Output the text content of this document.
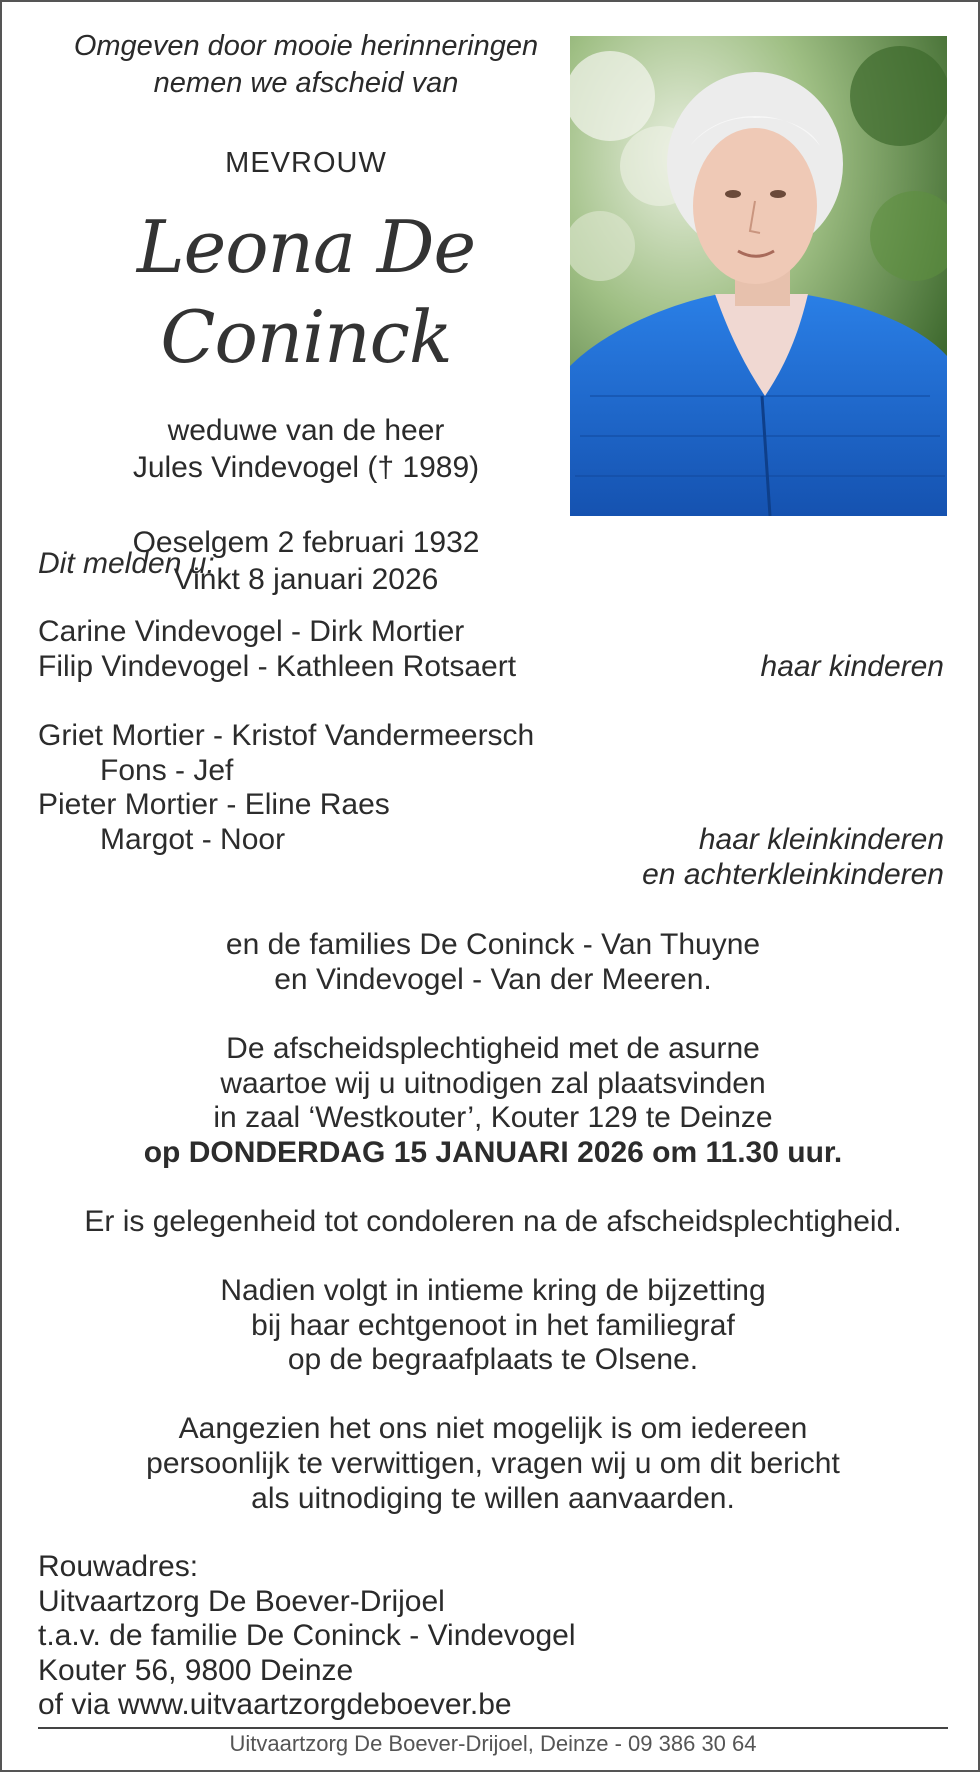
Omgeven door mooie herinneringen
nemen we afscheid van
MEVROUW
Leona De Coninck
weduwe van de heer
Jules Vindevogel († 1989)
Oeselgem 2 februari 1932
Vinkt 8 januari 2026
Dit melden u:
Carine Vindevogel - Dirk Mortier
Filip Vindevogel - Kathleen Rotsaert	haar kinderen
Griet Mortier - Kristof Vandermeersch
Fons - Jef
Pieter Mortier - Eline Raes
Margot - Noor	haar kleinkinderen
en achterkleinkinderen
en de families De Coninck - Van Thuyne
en Vindevogel - Van der Meeren.
De afscheidsplechtigheid met de asurne
waartoe wij u uitnodigen zal plaatsvinden
in zaal ‘Westkouter’, Kouter 129 te Deinze
op DONDERDAG 15 JANUARI 2026 om 11.30 uur.
Er is gelegenheid tot condoleren na de afscheidsplechtigheid.
Nadien volgt in intieme kring de bijzetting
bij haar echtgenoot in het familiegraf
op de begraafplaats te Olsene.
Aangezien het ons niet mogelijk is om iedereen
persoonlijk te verwittigen, vragen wij u om dit bericht
als uitnodiging te willen aanvaarden.
Rouwadres:
Uitvaartzorg De Boever-Drijoel
t.a.v. de familie De Coninck - Vindevogel
Kouter 56, 9800 Deinze
of via www.uitvaartzorgdeboever.be
Uitvaartzorg De Boever-Drijoel, Deinze - 09 386 30 64
